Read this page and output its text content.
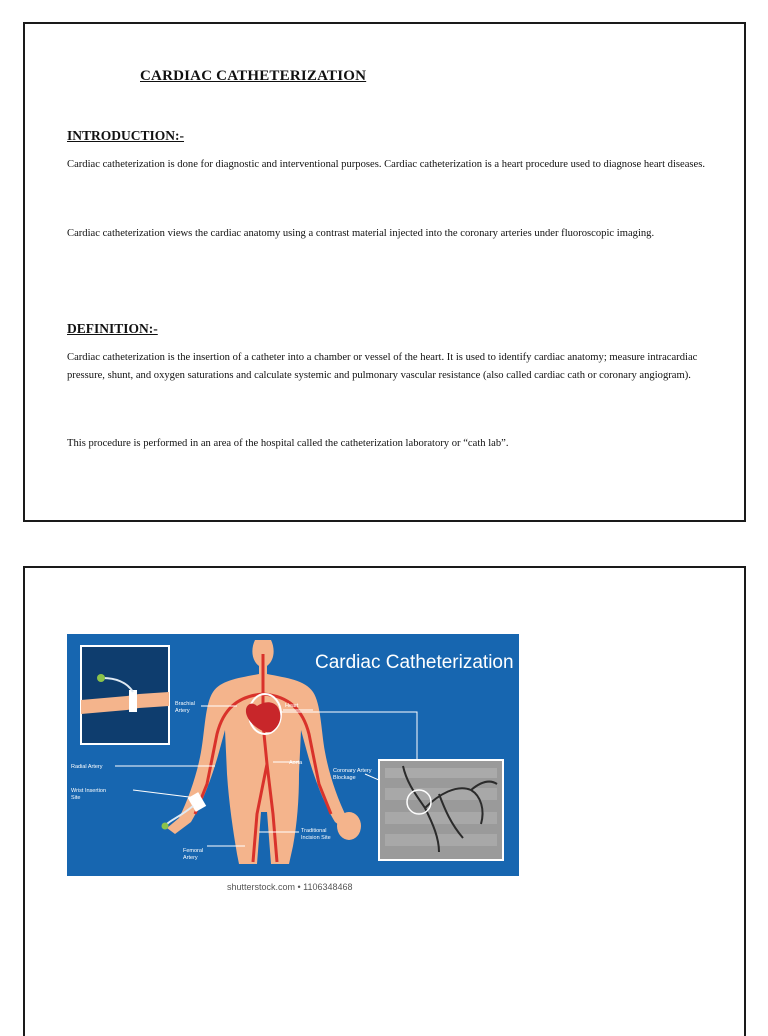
CARDIAC CATHETERIZATION
INTRODUCTION:-

Cardiac catheterization is done for diagnostic and interventional purposes. Cardiac catheterization is a heart procedure used to diagnose heart diseases.

Cardiac catheterization views the cardiac anatomy using a contrast material injected into the coronary arteries under fluoroscopic imaging.

DEFINITION:-

Cardiac catheterization is the insertion of a catheter into a chamber or vessel of the heart. It is used to identify cardiac anatomy; measure intracardiac pressure, shunt, and oxygen saturations and calculate systemic and pulmonary vascular resistance (also called cardiac cath or coronary angiogram).

This procedure is performed in an area of the hospital called the catheterization laboratory or “cath lab”.

Cardiac Catheterization
Brachial Artery
Heart
Radial Artery
Wrist Insertion Site
Aorta
Coronary Artery Blockage
Traditional Incision Site
Femoral Artery
shutterstock.com • 1106348468
